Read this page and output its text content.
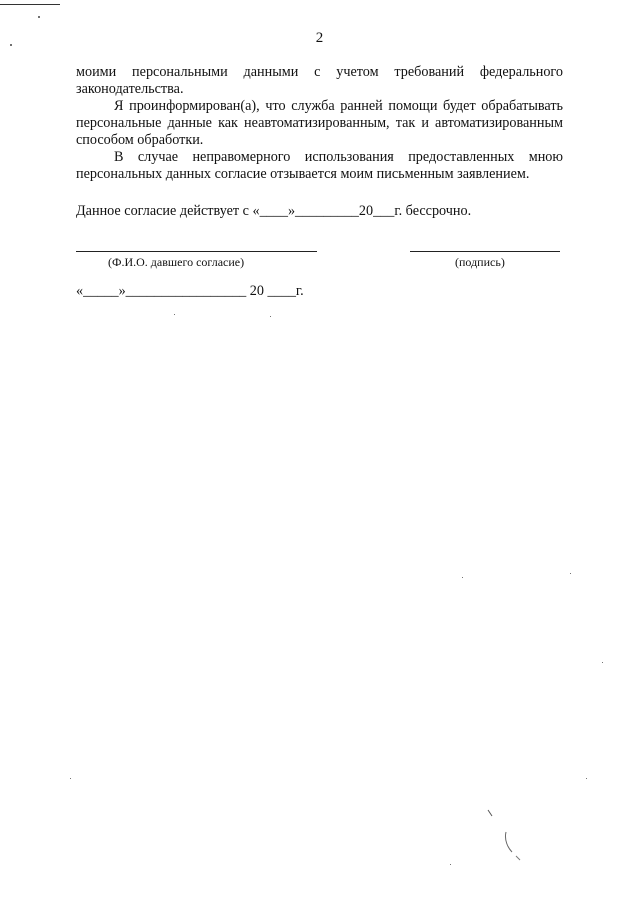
2

моими персональными данными с учетом требований федерального законодательства.

Я проинформирован(а), что служба ранней помощи будет обрабатывать персональные данные как неавтоматизированным, так и автоматизированным способом обработки.

В случае неправомерного использования предоставленных мною персональных данных согласие отзывается моим письменным заявлением.

Данное согласие действует с «____»_________20___г. бессрочно.
(Ф.И.О. давшего согласие)	(подпись)
«_____»_________________ 20 ____г.
